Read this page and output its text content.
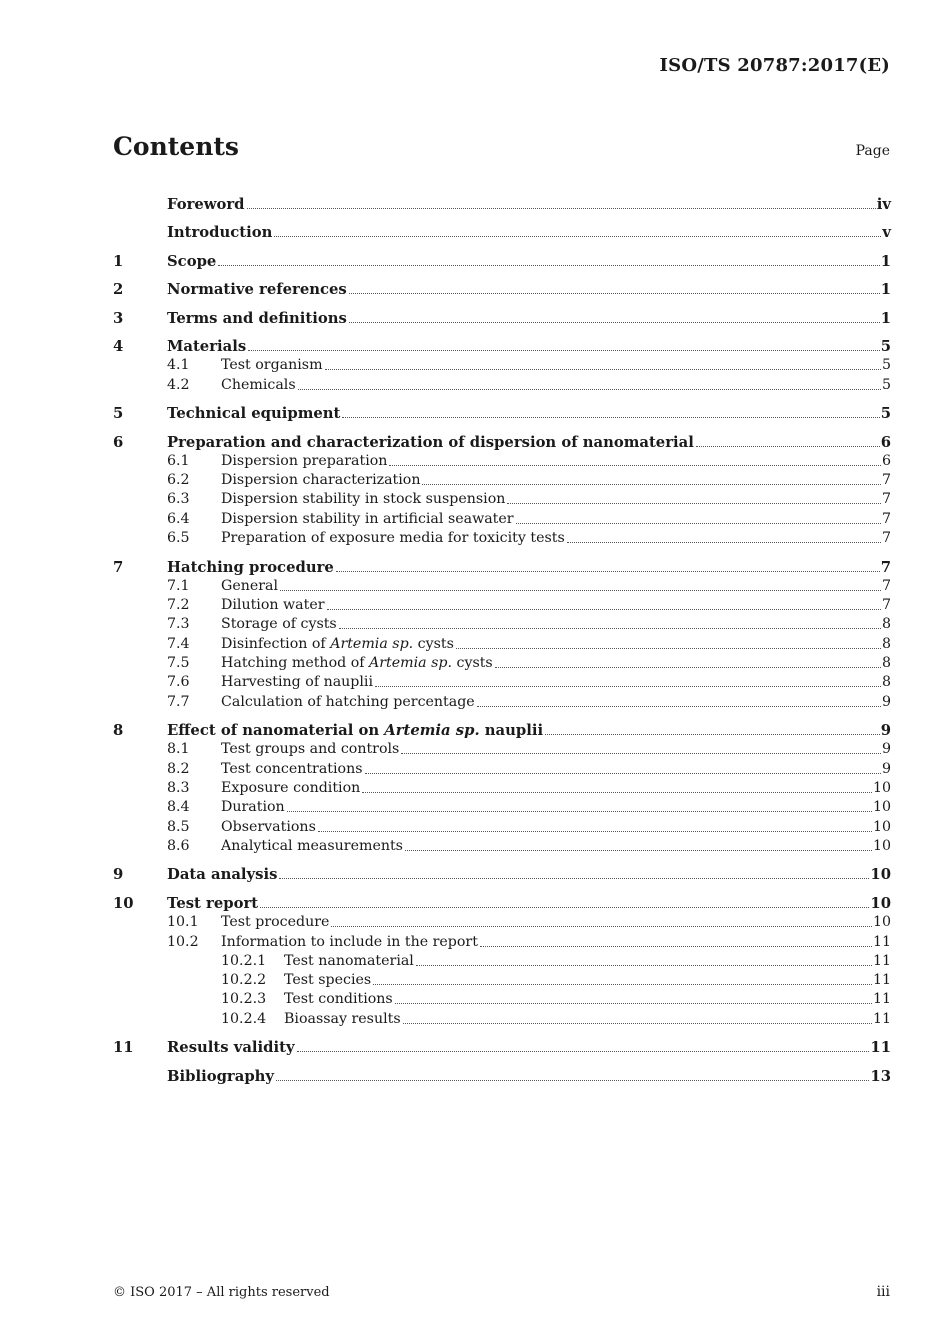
ISO/TS 20787:2017(E)
Contents	Page
Foreword	iv
Introduction	v
1	Scope	1
2	Normative references	1
3	Terms and definitions	1
4	Materials	5
4.1	Test organism	5
4.2	Chemicals	5
5	Technical equipment	5
6	Preparation and characterization of dispersion of nanomaterial	6
6.1	Dispersion preparation	6
6.2	Dispersion characterization	7
6.3	Dispersion stability in stock suspension	7
6.4	Dispersion stability in artificial seawater	7
6.5	Preparation of exposure media for toxicity tests	7
7	Hatching procedure	7
7.1	General	7
7.2	Dilution water	7
7.3	Storage of cysts	8
7.4	Disinfection of Artemia sp. cysts	8
7.5	Hatching method of Artemia sp. cysts	8
7.6	Harvesting of nauplii	8
7.7	Calculation of hatching percentage	9
8	Effect of nanomaterial on Artemia sp. nauplii	9
8.1	Test groups and controls	9
8.2	Test concentrations	9
8.3	Exposure condition	10
8.4	Duration	10
8.5	Observations	10
8.6	Analytical measurements	10
9	Data analysis	10
10	Test report	10
10.1	Test procedure	10
10.2	Information to include in the report	11
10.2.1	Test nanomaterial	11
10.2.2	Test species	11
10.2.3	Test conditions	11
10.2.4	Bioassay results	11
11	Results validity	11
Bibliography	13
© ISO 2017 – All rights reserved	iii
